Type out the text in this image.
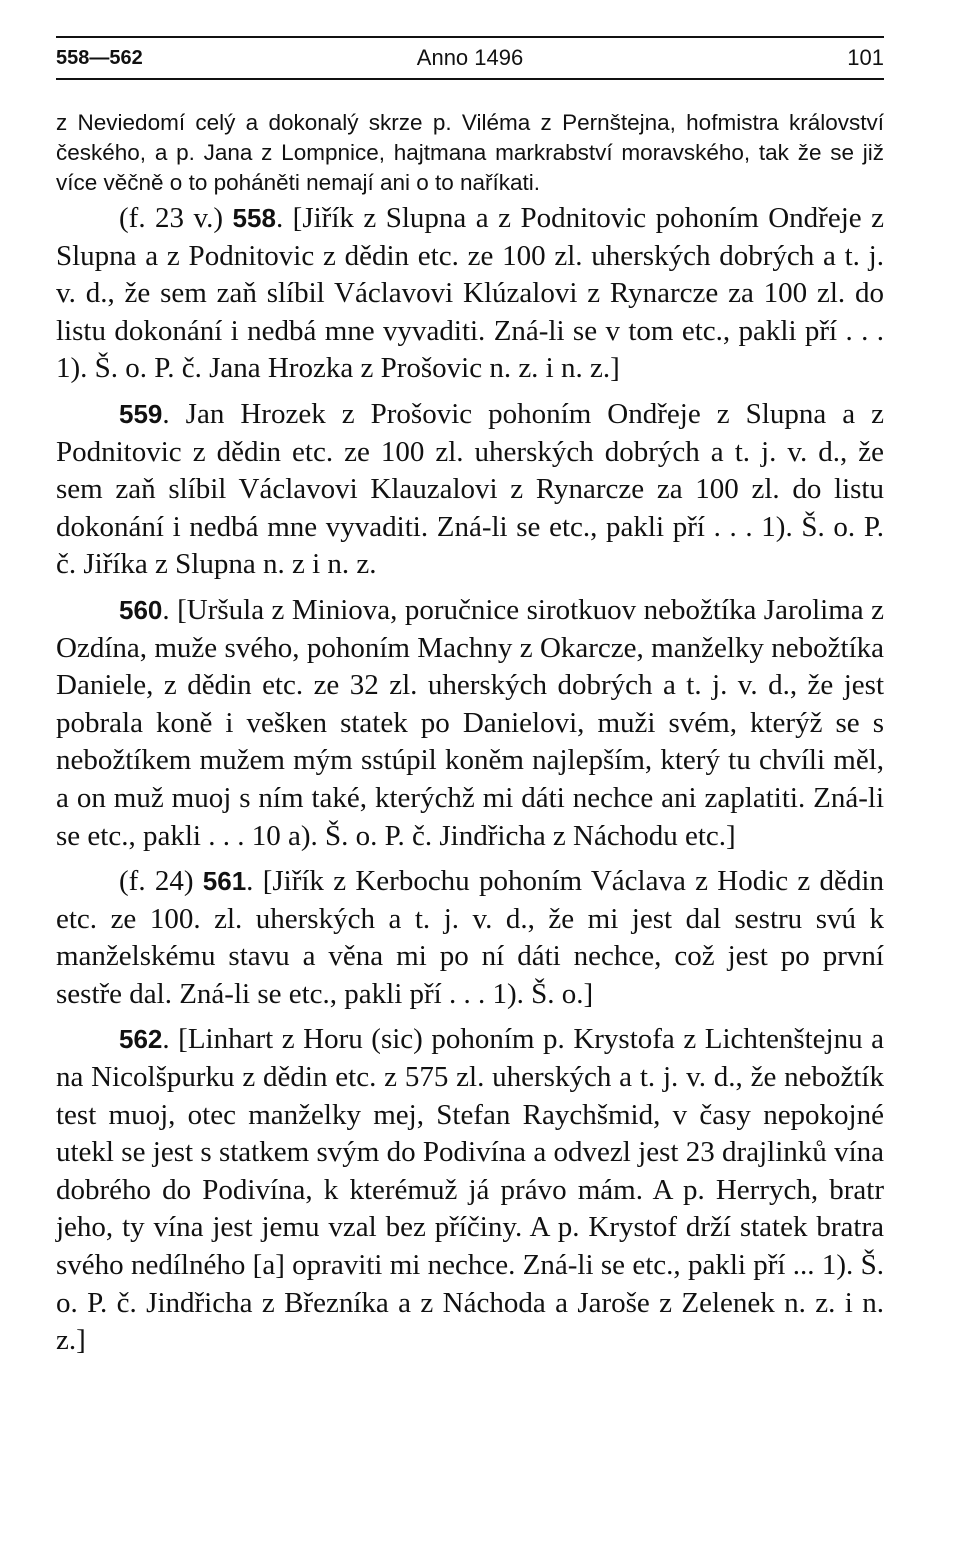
558—562	Anno 1496	101
z Neviedomí celý a dokonalý skrze p. Viléma z Pernštejna, hofmistra království českého, a p. Jana z Lompnice, hajtmana markrabství moravského, tak že se již více věčně o to poháněti nemají ani o to naříkati.

(f. 23 v.) 558. [Jiřík z Slupna a z Podnitovic pohoním Ondřeje z Slupna a z Podnitovic z dědin etc. ze 100 zl. uherských dobrých a t. j. v. d., že sem zaň slíbil Václavovi Klúzalovi z Rynarcze za 100 zl. do listu dokonání i nedbá mne vyvaditi. Zná-li se v tom etc., pakli pří . . . 1). Š. o. P. č. Jana Hrozka z Prošovic n. z. i n. z.]

559. Jan Hrozek z Prošovic pohoním Ondřeje z Slupna a z Podnitovic z dědin etc. ze 100 zl. uherských dobrých a t. j. v. d., že sem zaň slíbil Václavovi Klauzalovi z Rynarcze za 100 zl. do listu dokonání i nedbá mne vyvaditi. Zná-li se etc., pakli pří . . . 1). Š. o. P. č. Jiříka z Slupna n. z i n. z.

560. [Uršula z Miniova, poručnice sirotkuov nebožtíka Jarolima z Ozdína, muže svého, pohoním Machny z Okarcze, manželky nebožtíka Daniele, z dědin etc. ze 32 zl. uherských dobrých a t. j. v. d., že jest pobrala koně i vešken statek po Danielovi, muži svém, kterýž se s nebožtíkem mužem mým sstúpil koněm najlepším, který tu chvíli měl, a on muž muoj s ním také, kterýchž mi dáti nechce ani zaplatiti. Zná-li se etc., pakli . . . 10 a). Š. o. P. č. Jindřicha z Náchodu etc.]

(f. 24) 561. [Jiřík z Kerbochu pohoním Václava z Hodic z dědin etc. ze 100. zl. uherských a t. j. v. d., že mi jest dal sestru svú k manželskému stavu a věna mi po ní dáti nechce, což jest po první sestře dal. Zná-li se etc., pakli pří . . . 1). Š. o.]

562. [Linhart z Horu (sic) pohoním p. Krystofa z Lichtenštejnu a na Nicolšpurku z dědin etc. z 575 zl. uherských a t. j. v. d., že nebožtík test muoj, otec manželky mej, Stefan Raychšmid, v časy nepokojné utekl se jest s statkem svým do Podivína a odvezl jest 23 drajlinků vína dobrého do Podivína, k kterémuž já právo mám. A p. Herrych, bratr jeho, ty vína jest jemu vzal bez příčiny. A p. Krystof drží statek bratra svého nedílného [a] opraviti mi nechce. Zná-li se etc., pakli pří ... 1). Š. o. P. č. Jindřicha z Březníka a z Náchoda a Jaroše z Zelenek n. z. i n. z.]
